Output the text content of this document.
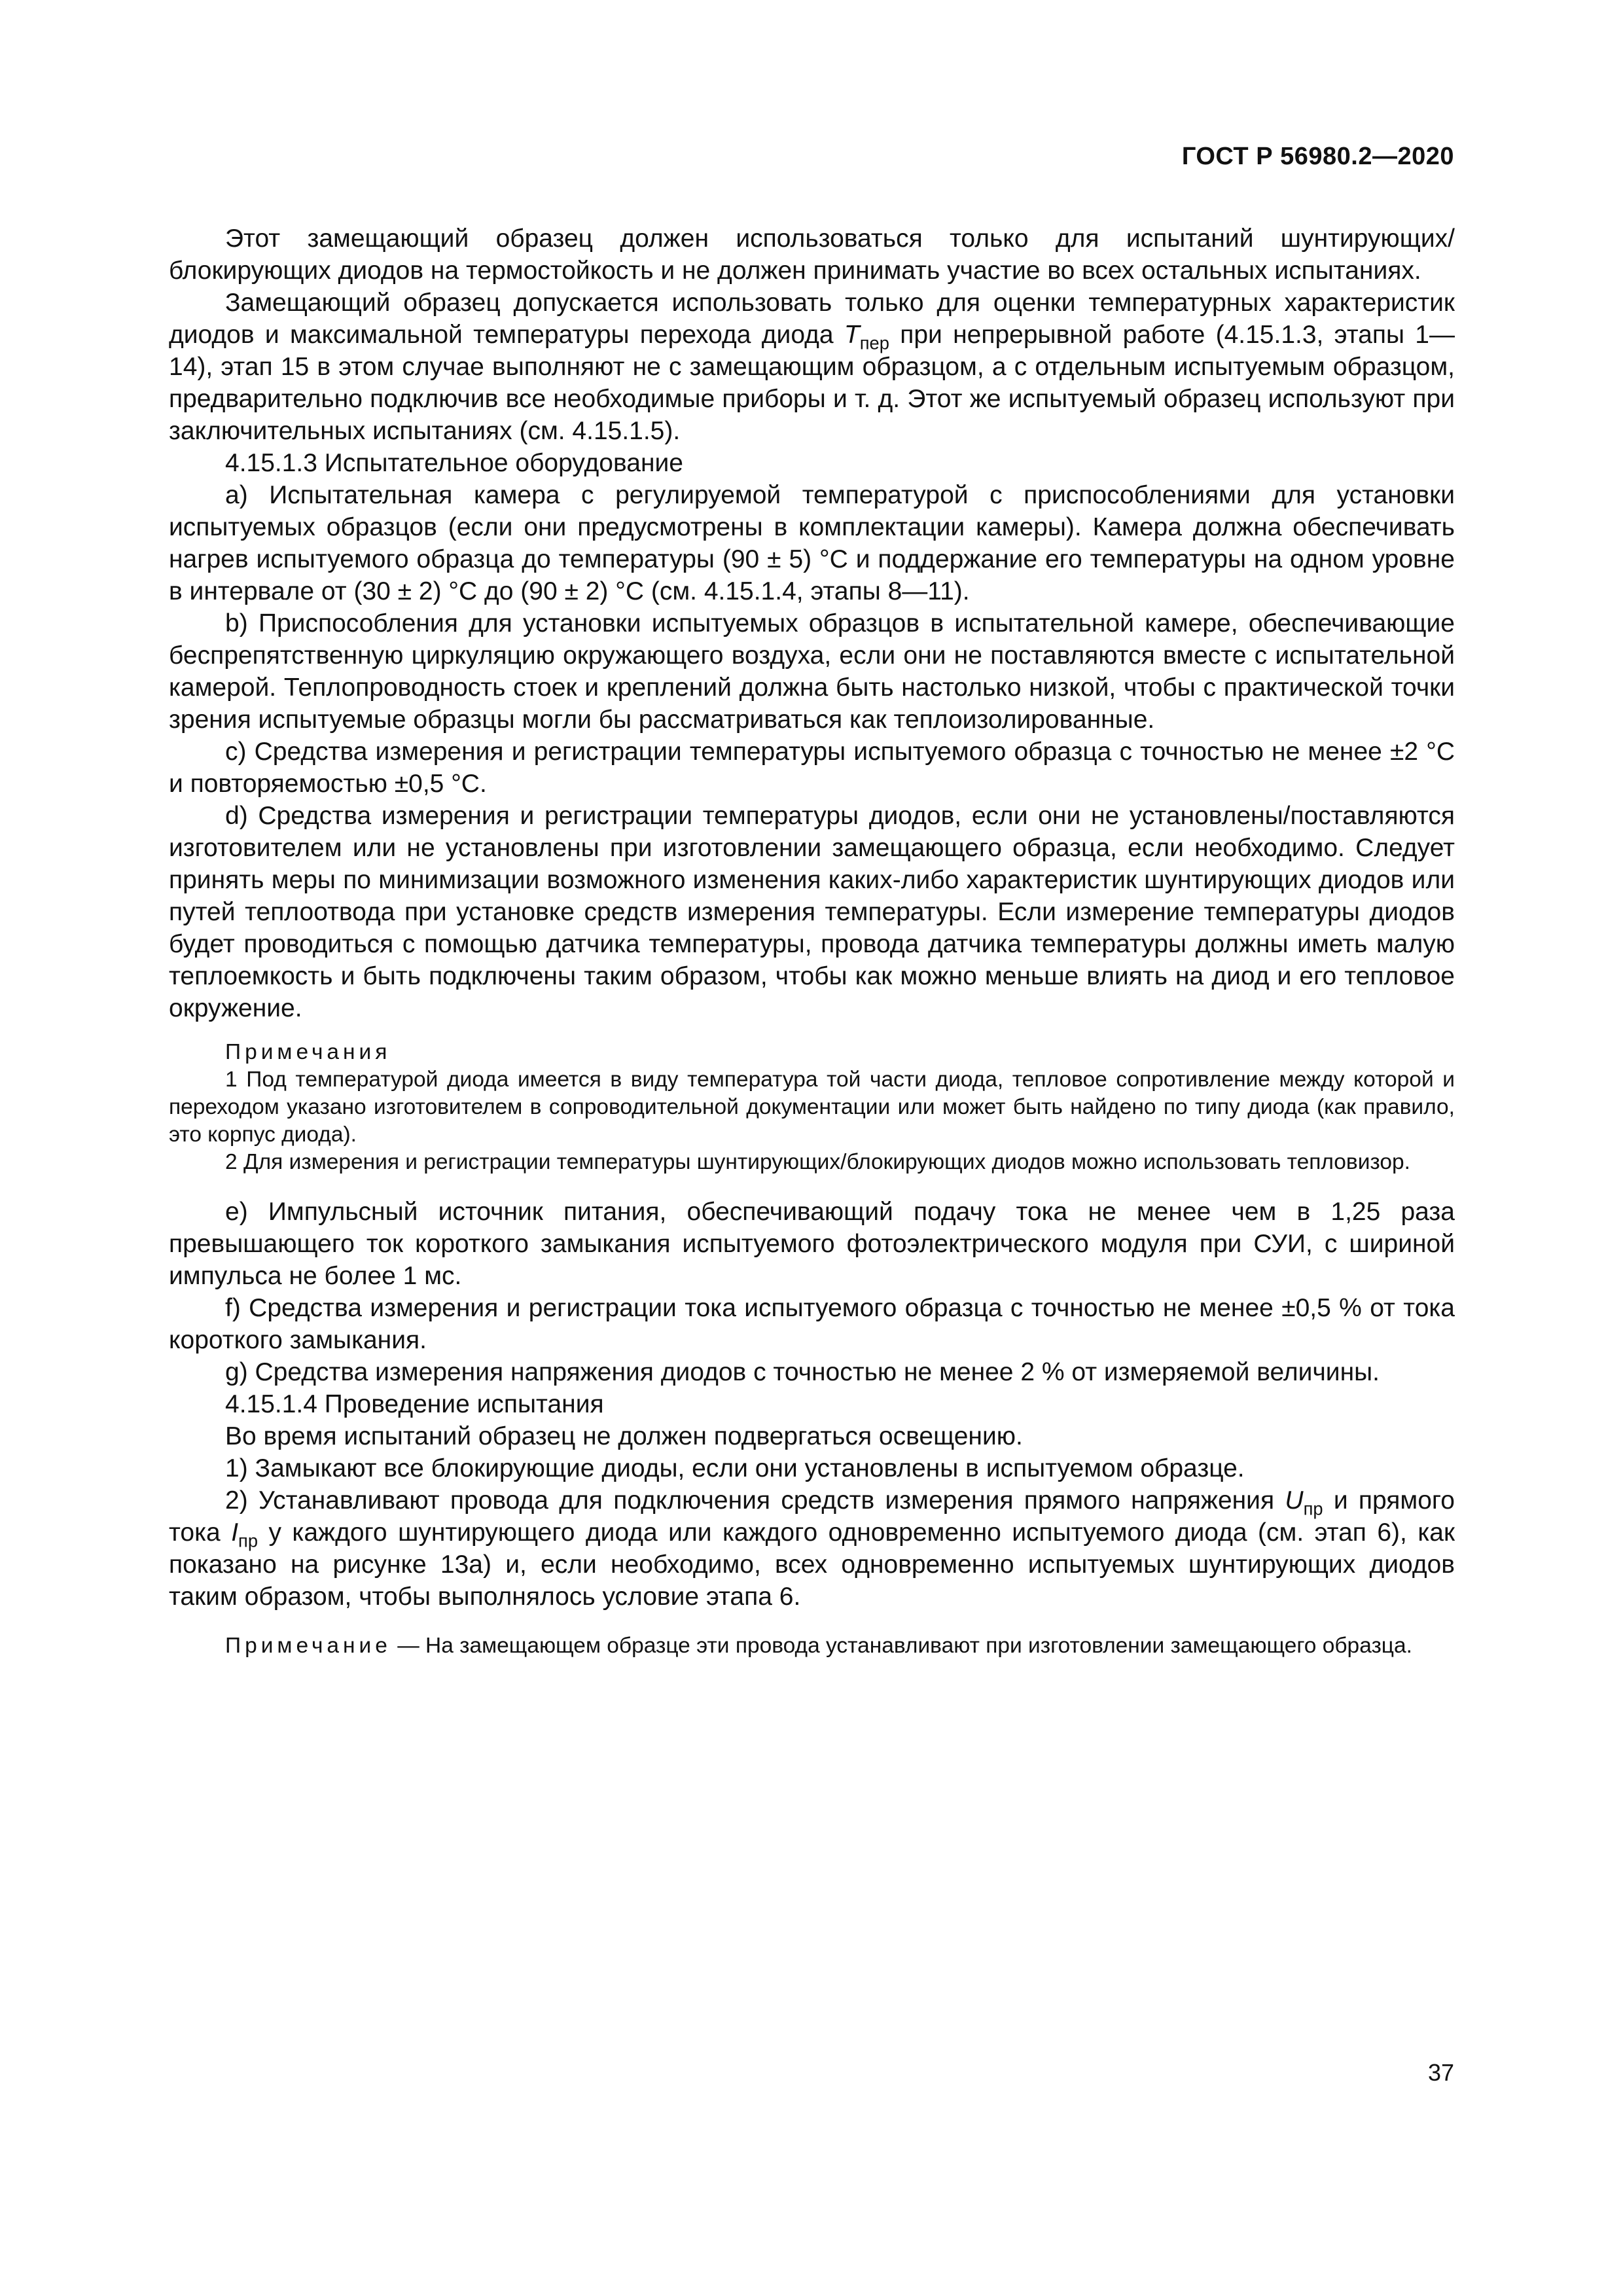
ГОСТ Р 56980.2—2020

Этот замещающий образец должен использоваться только для испытаний шунтирующих/блокирующих диодов на термостойкость и не должен принимать участие во всех остальных испытаниях.

Замещающий образец допускается использовать только для оценки температурных характеристик диодов и максимальной температуры перехода диода $T_{пер}$ при непрерывной работе (4.15.1.3, этапы 1—14), этап 15 в этом случае выполняют не с замещающим образцом, а с отдельным испытуемым образцом, предварительно подключив все необходимые приборы и т. д. Этот же испытуемый образец используют при заключительных испытаниях (см. 4.15.1.5).

4.15.1.3 Испытательное оборудование

a) Испытательная камера с регулируемой температурой с приспособлениями для установки испытуемых образцов (если они предусмотрены в комплектации камеры). Камера должна обеспечивать нагрев испытуемого образца до температуры (90 ± 5) °С и поддержание его температуры на одном уровне в интервале от (30 ± 2) °С до (90 ± 2) °С (см. 4.15.1.4, этапы 8—11).

b) Приспособления для установки испытуемых образцов в испытательной камере, обеспечивающие беспрепятственную циркуляцию окружающего воздуха, если они не поставляются вместе с испытательной камерой. Теплопроводность стоек и креплений должна быть настолько низкой, чтобы с практической точки зрения испытуемые образцы могли бы рассматриваться как теплоизолированные.

c) Средства измерения и регистрации температуры испытуемого образца с точностью не менее ±2 °С и повторяемостью ±0,5 °С.

d) Средства измерения и регистрации температуры диодов, если они не установлены/поставляются изготовителем или не установлены при изготовлении замещающего образца, если необходимо. Следует принять меры по минимизации возможного изменения каких-либо характеристик шунтирующих диодов или путей теплоотвода при установке средств измерения температуры. Если измерение температуры диодов будет проводиться с помощью датчика температуры, провода датчика температуры должны иметь малую теплоемкость и быть подключены таким образом, чтобы как можно меньше влиять на диод и его тепловое окружение.

Примечания
1 Под температурой диода имеется в виду температура той части диода, тепловое сопротивление между которой и переходом указано изготовителем в сопроводительной документации или может быть найдено по типу диода (как правило, это корпус диода).
2 Для измерения и регистрации температуры шунтирующих/блокирующих диодов можно использовать тепловизор.

e) Импульсный источник питания, обеспечивающий подачу тока не менее чем в 1,25 раза превышающего ток короткого замыкания испытуемого фотоэлектрического модуля при СУИ, с шириной импульса не более 1 мс.

f) Средства измерения и регистрации тока испытуемого образца с точностью не менее ±0,5 % от тока короткого замыкания.

g) Средства измерения напряжения диодов с точностью не менее 2 % от измеряемой величины.

4.15.1.4 Проведение испытания

Во время испытаний образец не должен подвергаться освещению.

1) Замыкают все блокирующие диоды, если они установлены в испытуемом образце.

2) Устанавливают провода для подключения средств измерения прямого напряжения $U_{пр}$ и прямого тока $I_{пр}$ у каждого шунтирующего диода или каждого одновременно испытуемого диода (см. этап 6), как показано на рисунке 13а) и, если необходимо, всех одновременно испытуемых шунтирующих диодов таким образом, чтобы выполнялось условие этапа 6.

Примечание — На замещающем образце эти провода устанавливают при изготовлении замещающего образца.
37
